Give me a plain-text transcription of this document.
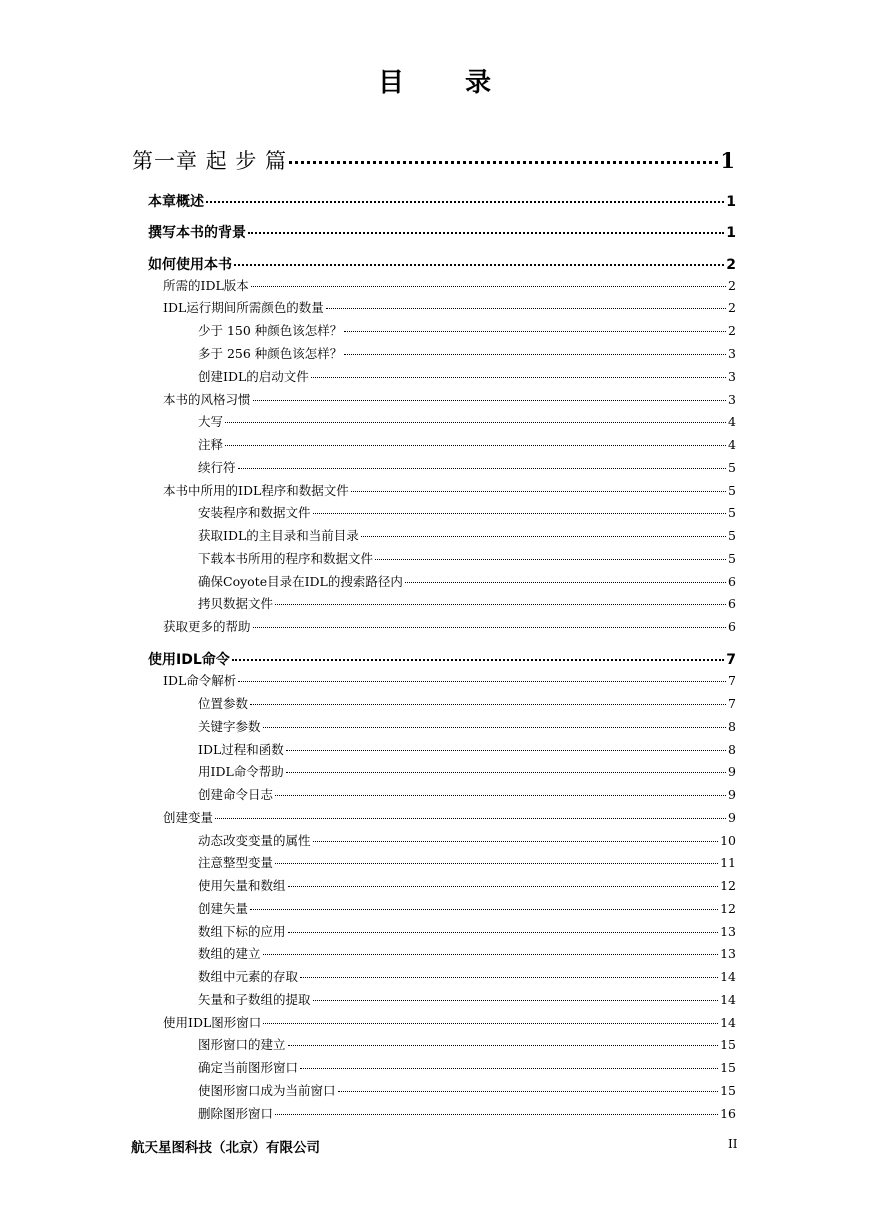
目 录
第一章 起 步 篇	1
本章概述	1
撰写本书的背景	1
如何使用本书	2
所需的IDL版本	2
IDL运行期间所需颜色的数量	2
少于 150 种颜色该怎样？	2
多于 256 种颜色该怎样？	3
创建IDL的启动文件	3
本书的风格习惯	3
大写	4
注释	4
续行符	5
本书中所用的IDL程序和数据文件	5
安装程序和数据文件	5
获取IDL的主目录和当前目录	5
下载本书所用的程序和数据文件	5
确保Coyote目录在IDL的搜索路径内	6
拷贝数据文件	6
获取更多的帮助	6
使用IDL命令	7
IDL命令解析	7
位置参数	7
关键字参数	8
IDL过程和函数	8
用IDL命令帮助	9
创建命令日志	9
创建变量	9
动态改变变量的属性	10
注意整型变量	11
使用矢量和数组	12
创建矢量	12
数组下标的应用	13
数组的建立	13
数组中元素的存取	14
矢量和子数组的提取	14
使用IDL图形窗口	14
图形窗口的建立	15
确定当前图形窗口	15
使图形窗口成为当前窗口	15
删除图形窗口	16
航天星图科技（北京）有限公司	II
